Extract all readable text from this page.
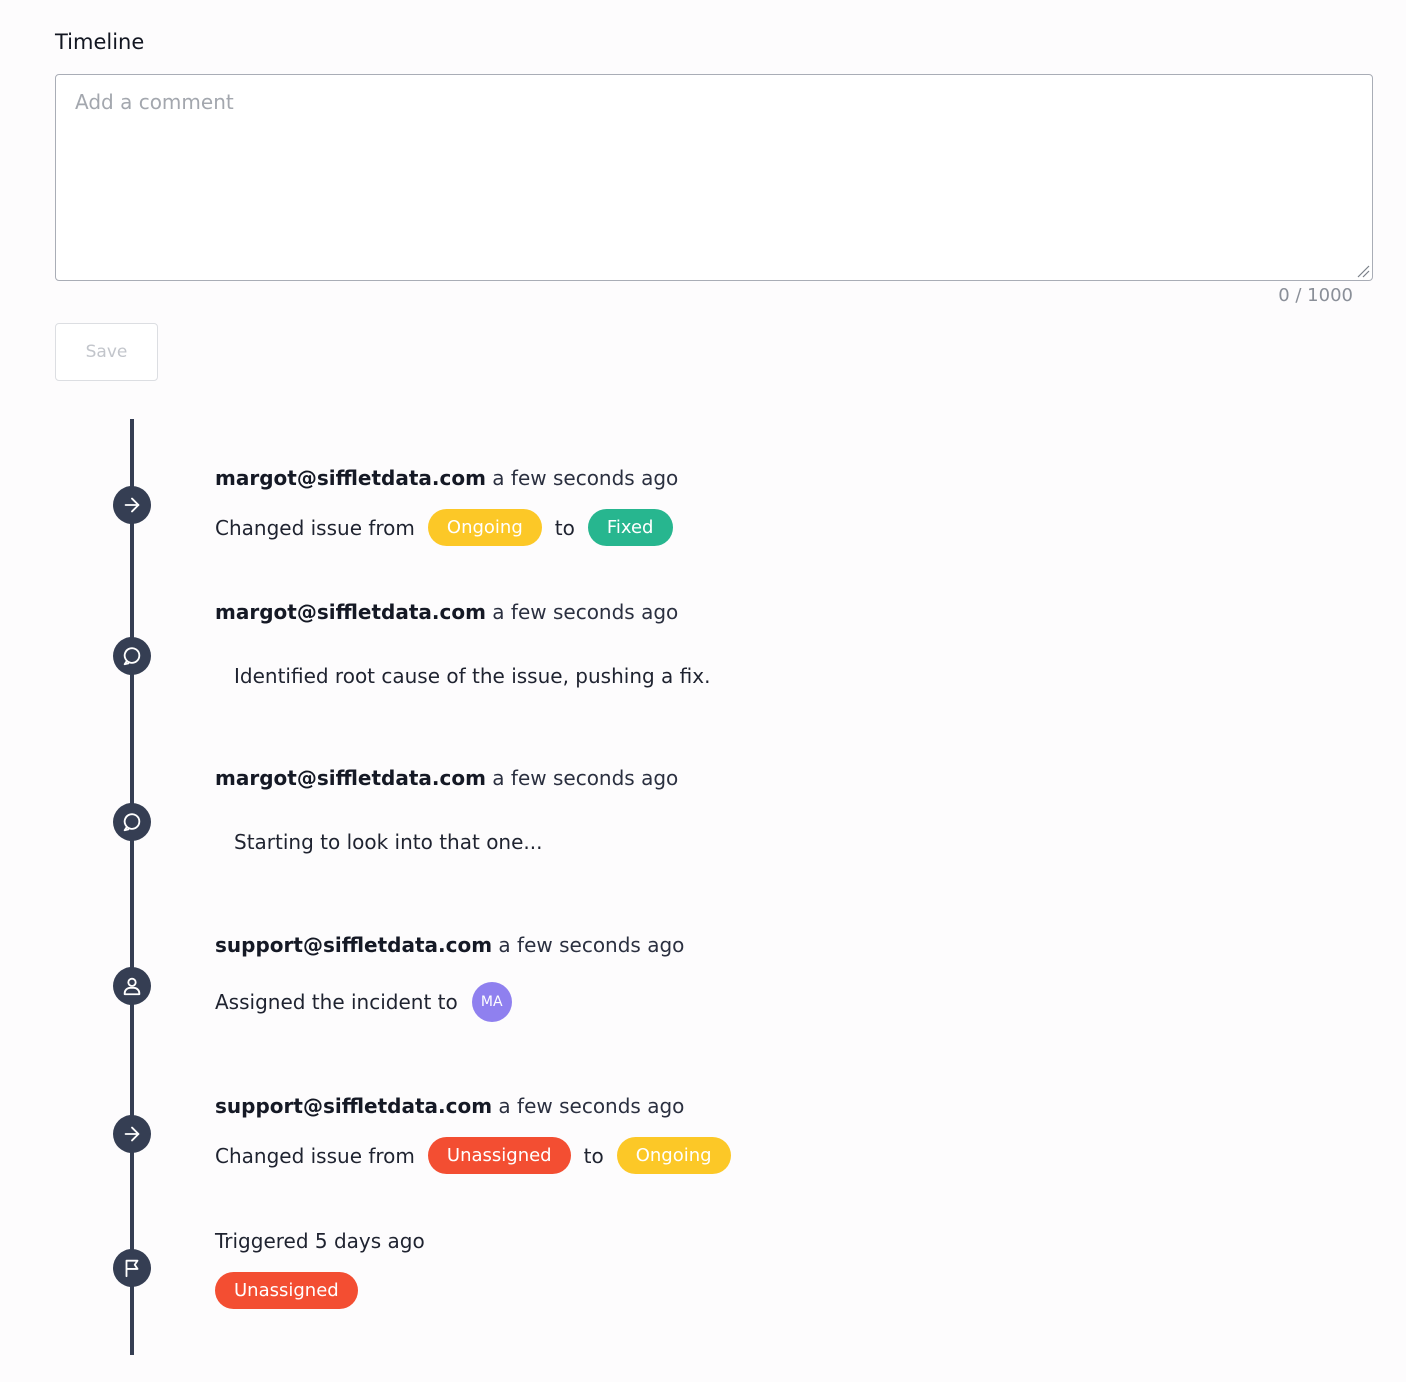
Timeline
Add a comment
0 / 1000
Save
margot@siffletdata.com a few seconds ago
Changed issue from	Ongoing	to	Fixed
margot@siffletdata.com a few seconds ago
Identified root cause of the issue, pushing a fix.
margot@siffletdata.com a few seconds ago
Starting to look into that one...
support@siffletdata.com a few seconds ago
Assigned the incident to	MA
support@siffletdata.com a few seconds ago
Changed issue from	Unassigned	to	Ongoing
Triggered 5 days ago
Unassigned
